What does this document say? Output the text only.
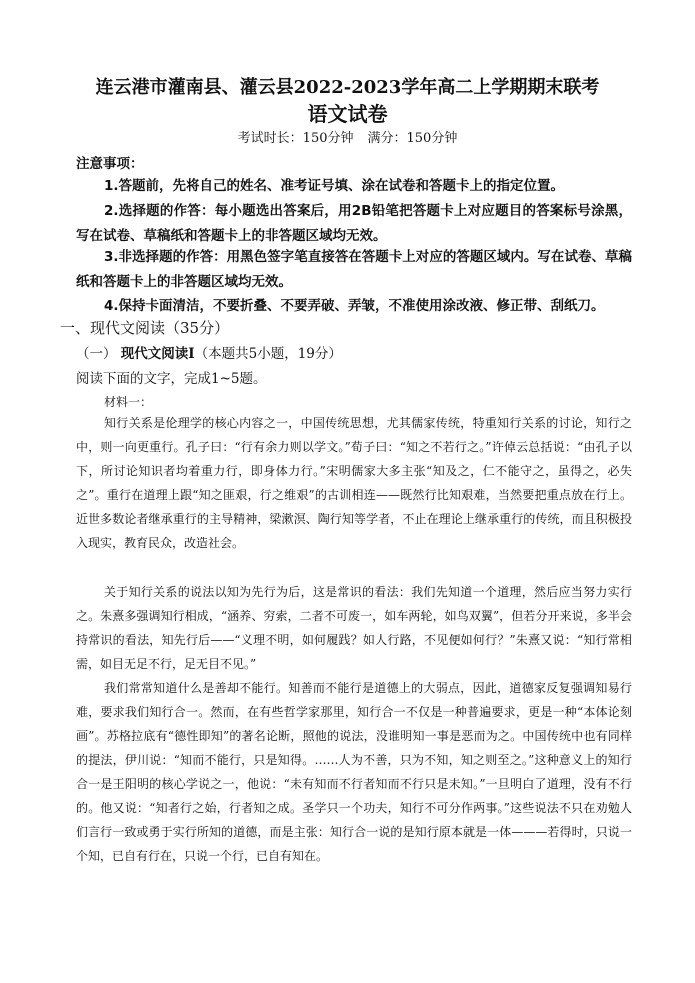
连云港市灌南县、灌云县2022-2023学年高二上学期期末联考
语文试卷
考试时长：150分钟 满分：150分钟
注意事项：
1.答题前，先将自己的姓名、准考证号填、涂在试卷和答题卡上的指定位置。
2.选择题的作答：每小题选出答案后，用2B铅笔把答题卡上对应题目的答案标号涂黑，写在试卷、草稿纸和答题卡上的非答题区域均无效。
3.非选择题的作答：用黑色签字笔直接答在答题卡上对应的答题区域内。写在试卷、草稿纸和答题卡上的非答题区域均无效。
4.保持卡面清洁，不要折叠、不要弄破、弄皱，不准使用涂改液、修正带、刮纸刀。
一、现代文阅读（35分）
（一） 现代文阅读Ⅰ（本题共5小题，19分）
阅读下面的文字，完成1~5题。
材料一：
知行关系是伦理学的核心内容之一，中国传统思想，尤其儒家传统，特重知行关系的讨论，知行之中，则一向更重行。孔子曰：“行有余力则以学文。”荀子曰：“知之不若行之。”许倬云总括说：“由孔子以下，所讨论知识者均着重力行，即身体力行。”宋明儒家大多主张“知及之，仁不能守之，虽得之，必失之”。重行在道理上跟“知之匪艰，行之维艰”的古训相连——既然行比知艰难，当然要把重点放在行上。近世多数论者继承重行的主导精神，梁漱溟、陶行知等学者，不止在理论上继承重行的传统，而且积极投入现实，教育民众，改造社会。
关于知行关系的说法以知为先行为后，这是常识的看法：我们先知道一个道理，然后应当努力实行之。朱熹多强调知行相成，“涵养、穷索，二者不可废一，如车两轮，如鸟双翼”，但若分开来说，多半会持常识的看法，知先行后——“义理不明，如何履践？如人行路，不见便如何行？”朱熹又说：“知行常相需，如目无足不行，足无目不见。”
我们常常知道什么是善却不能行。知善而不能行是道德上的大弱点，因此，道德家反复强调知易行难，要求我们知行合一。然而，在有些哲学家那里，知行合一不仅是一种普遍要求，更是一种“本体论刻画”。苏格拉底有“德性即知”的著名论断，照他的说法，没谁明知一事是恶而为之。中国传统中也有同样的提法，伊川说：“知而不能行，只是知得。……人为不善，只为不知，知之则至之。”这种意义上的知行合一是王阳明的核心学说之一，他说：“未有知而不行者知而不行只是未知。”一旦明白了道理，没有不行的。他又说：“知者行之始，行者知之成。圣学只一个功夫，知行不可分作两事。”这些说法不只在劝勉人们言行一致或勇于实行所知的道德，而是主张：知行合一说的是知行原本就是一体———若得时，只说一个知，已自有行在，只说一个行，已自有知在。
